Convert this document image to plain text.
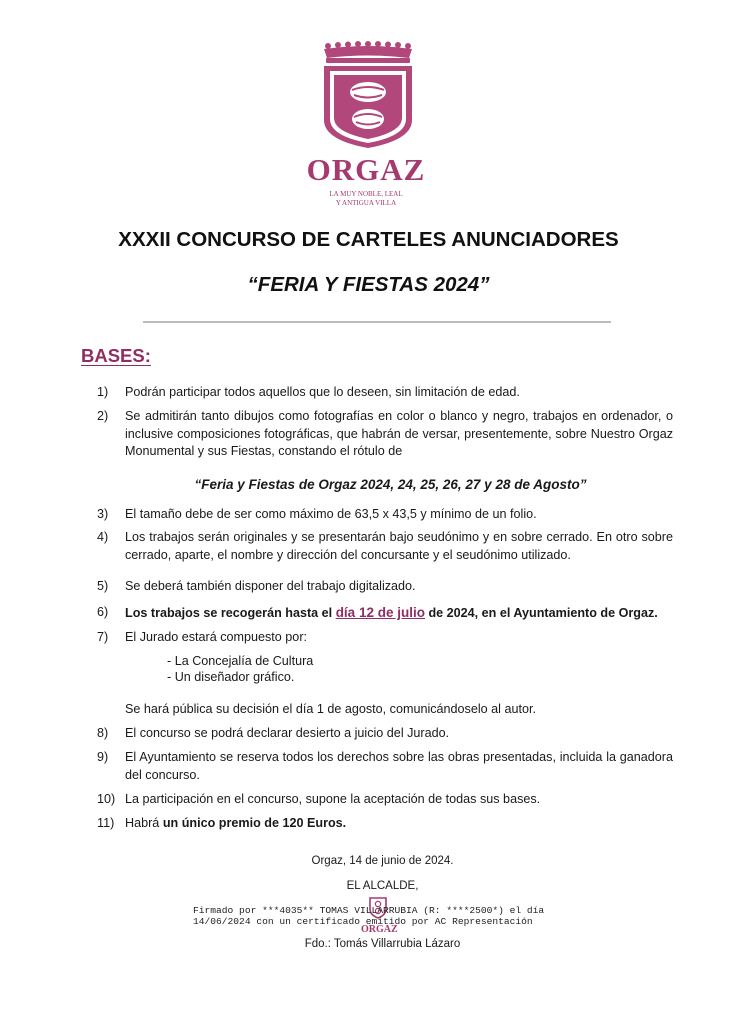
ORGAZ
LA MUY NOBLE, LEAL
Y ANTIGUA VILLA
XXXII CONCURSO DE CARTELES ANUNCIADORES
“FERIA Y FIESTAS 2024”
BASES:
1)	Podrán participar todos aquellos que lo deseen, sin limitación de edad.
2)	Se admitirán tanto dibujos como fotografías en color o blanco y negro, trabajos en ordenador, o inclusive composiciones fotográficas, que habrán de versar, presentemente, sobre Nuestro Orgaz Monumental y sus Fiestas, constando el rótulo de
“Feria y Fiestas de Orgaz 2024, 24, 25, 26, 27 y 28 de Agosto”
3)	El tamaño debe de ser como máximo de 63,5 x 43,5 y mínimo de un folio.
4)	Los trabajos serán originales y se presentarán bajo seudónimo y en sobre cerrado. En otro sobre cerrado, aparte, el nombre y dirección del concursante y el seudónimo utilizado.
5)	Se deberá también disponer del trabajo digitalizado.
6)	Los trabajos se recogerán hasta el día 12 de julio de 2024, en el Ayuntamiento de Orgaz.
7)	El Jurado estará compuesto por:
- La Concejalía de Cultura
- Un diseñador gráfico.
Se hará pública su decisión el día 1 de agosto, comunicándoselo al autor.
8)	El concurso se podrá declarar desierto a juicio del Jurado.
9)	El Ayuntamiento se reserva todos los derechos sobre las obras presentadas, incluida la ganadora del concurso.
10) La participación en el concurso, supone la aceptación de todas sus bases.
11) Habrá un único premio de 120 Euros.
Orgaz, 14 de junio de 2024.
EL ALCALDE,
Firmado por ***4035** TOMAS VILLARRUBIA (R: ****2500*) el día
14/06/2024 con un certificado emitido por AC Representación
ORGAZ
Fdo.: Tomás Villarrubia Lázaro
